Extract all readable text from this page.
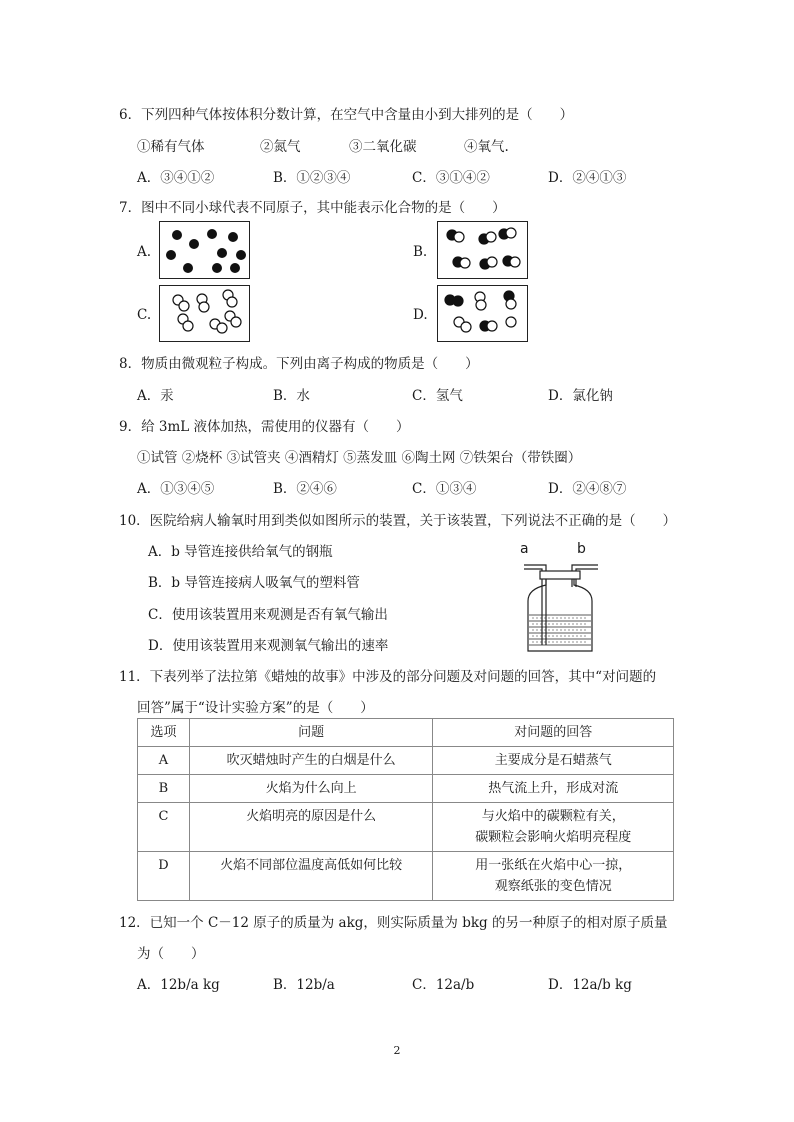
6．下列四种气体按体积分数计算，在空气中含量由小到大排列的是（　　）
①稀有气体	②氮气	③二氧化碳	④氧气.
A．③④①②	B．①②③④	C．③①④②	D．②④①③
7．图中不同小球代表不同原子，其中能表示化合物的是（　　）
A.	B.
C.	D.
8．物质由微观粒子构成。下列由离子构成的物质是（　　）
A．汞	B．水	C．氢气	D．氯化钠
9．给 3mL 液体加热，需使用的仪器有（　　）
①试管 ②烧杯 ③试管夹 ④酒精灯 ⑤蒸发皿 ⑥陶土网 ⑦铁架台（带铁圈）
A．①③④⑤	B．②④⑥	C．①③④	D．②④⑧⑦
10．医院给病人输氧时用到类似如图所示的装置，关于该装置，下列说法不正确的是（　　）
A．b 导管连接供给氧气的钢瓶
B．b 导管连接病人吸氧气的塑料管
C．使用该装置用来观测是否有氧气输出
D．使用该装置用来观测氧气输出的速率
a	b
11．下表列举了法拉第《蜡烛的故事》中涉及的部分问题及对问题的回答，其中“对问题的
回答”属于“设计实验方案”的是（　　）
选项	问题	对问题的回答
A	吹灭蜡烛时产生的白烟是什么	主要成分是石蜡蒸气
B	火焰为什么向上	热气流上升，形成对流
C	火焰明亮的原因是什么	与火焰中的碳颗粒有关，
碳颗粒会影响火焰明亮程度

D	火焰不同部位温度高低如何比较	用一张纸在火焰中心一掠，
观察纸张的变色情况
12．已知一个 C－12 原子的质量为 akg，则实际质量为 bkg 的另一种原子的相对原子质量
为（　　）
A．12b/a kg	B．12b/a	C．12a/b	D．12a/b kg
2
